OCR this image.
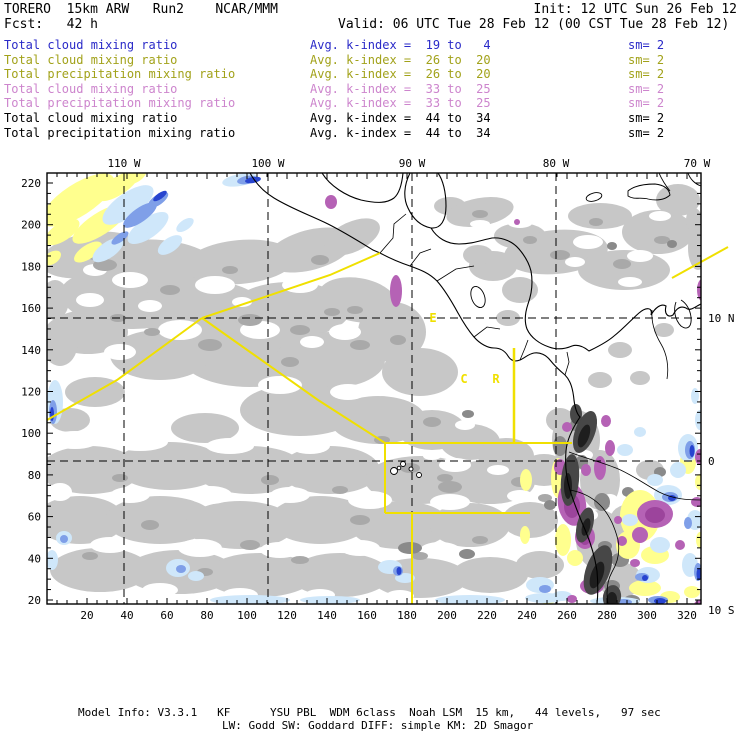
TORERO  15km ARW   Run2    NCAR/MMM	Init: 12 UTC Sun 26 Feb 12
Fcst:   42 h	Valid: 06 UTC Tue 28 Feb 12 (00 CST Tue 28 Feb 12)
Total cloud mixing ratio	Avg. k-index =  19 to   4	sm= 2
Total cloud mixing ratio	Avg. k-index =  26 to  20	sm= 2
Total precipitation mixing ratio	Avg. k-index =  26 to  20	sm= 2
Total cloud mixing ratio	Avg. k-index =  33 to  25	sm= 2
Total precipitation mixing ratio	Avg. k-index =  33 to  25	sm= 2
Total cloud mixing ratio	Avg. k-index =  44 to  34	sm= 2
Total precipitation mixing ratio	Avg. k-index =  44 to  34	sm= 2
110 W	100 W	90 W	80 W	70 W
10 N
0
10 S
20 40 60 80 100 120 140 160 180 200 220 240 260 280 300 320
220
200
180
160
140
120
100
80
60
40
20
E
C R
Model Info: V3.3.1   KF      YSU PBL  WDM 6class  Noah LSM  15 km,   44 levels,   97 sec
LW: Godd SW: Goddard DIFF: simple KM: 2D Smagor
